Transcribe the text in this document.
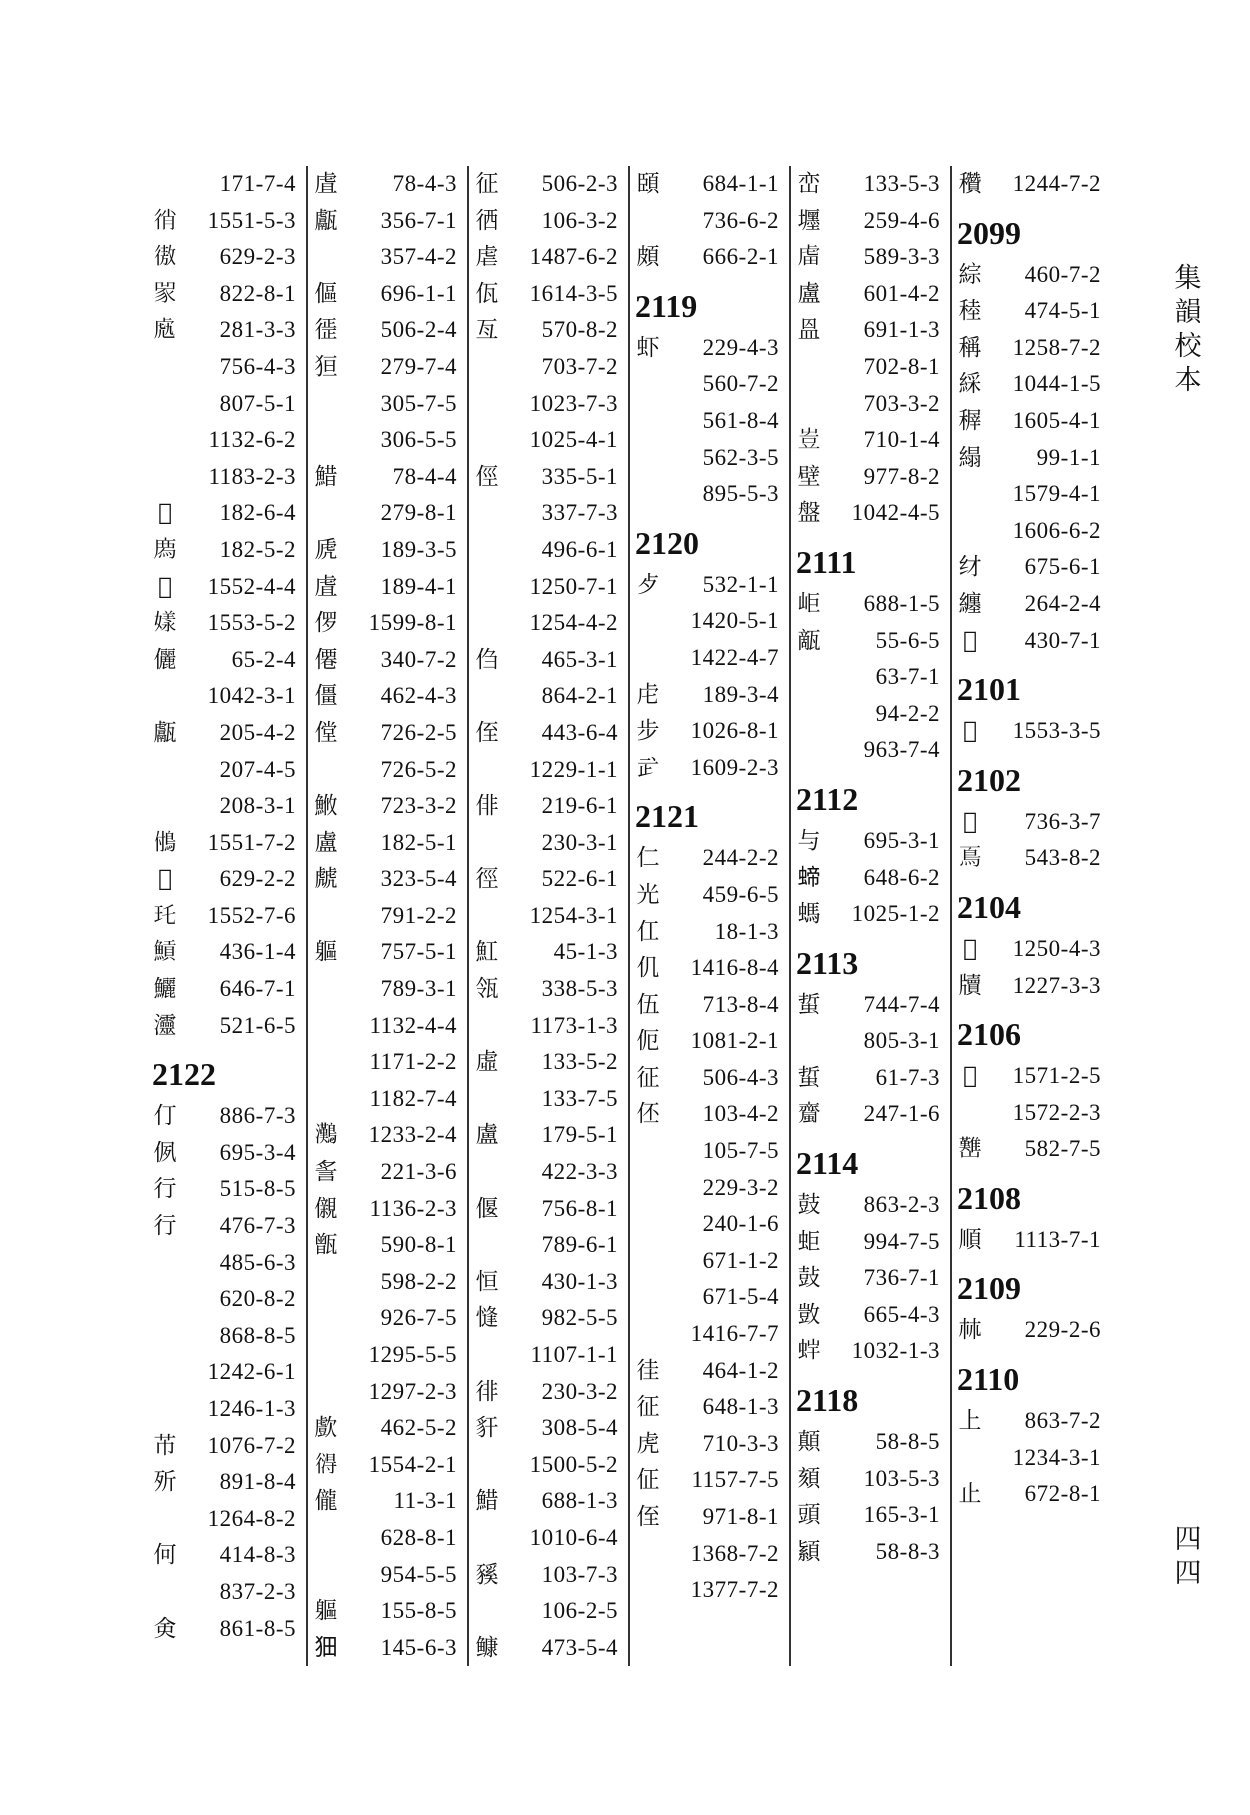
集
韻
校
本
171-7-4
𢓮 1551-5-3
𢕟 629-2-3
𧰽 822-8-1
𧆬 281-3-3
756-4-3
807-5-1
1132-6-2
1183-2-3
𧇡	182-6-4
𢊁 182-5-2
𠪳	1552-4-4
𡡂 1553-5-2
儷 65-2-4
1042-3-1
甗 205-4-2
207-4-5
208-3-1
𩿧 1551-7-2
𪈽	629-2-2
𤣯 1552-7-6
𩹸 436-1-4
鱺 646-7-1
𤅷 521-6-5
2122
仃 886-7-3
㑉 695-3-4
行 515-8-5
行 476-7-3
485-6-3
620-8-2
868-8-5
1242-6-1
1246-1-3
芇 1076-7-2
歽 891-8-4
1264-8-2
何 414-8-3
837-2-3
㑒 861-8-5
虘 78-4-3
甗 356-7-1
357-4-2
傴 696-1-1
徰 506-2-4
狟 279-7-4
305-7-5
306-5-5
䱜 78-4-4
279-8-1
虒 189-3-5
虘 189-4-1
㑩 1599-8-1
僊 340-7-2
僵 462-4-3
㑽 726-2-5
726-5-2
䱔 723-3-2
盧 182-5-1
虤 323-5-4
791-2-2
軀 757-5-1
789-3-1
1132-4-4
1171-2-2
1182-7-4
𤅩 1233-2-4
䚻 221-3-6
儭 1136-2-3
甑 590-8-1
598-2-2
926-7-5
1295-5-5
1297-2-3
㱆 462-5-2
𢕚 1554-2-1
儱 11-3-1
628-8-1
954-5-5
軀 155-8-5
𤝗 145-6-3
征 506-2-3
徆 106-3-2
虐 1487-6-2
佤 1614-3-5
亙 570-8-2
703-7-2
1023-7-3
1025-4-1
俓 335-5-1
337-7-3
496-6-1
1250-7-1
1254-4-2
㑇 465-3-1
864-2-1
侄 443-6-4
1229-1-1
俳 219-6-1
230-3-1
徑 522-6-1
1254-3-1
魟 45-1-3
瓴 338-5-3
1173-1-3
虛 133-5-2
133-7-5
盧 179-5-1
422-3-3
偃 756-8-1
789-6-1
恒 430-1-3
㦀 982-5-5
1107-1-1
徘 230-3-2
豻 308-5-4
1500-5-2
䱜 688-1-3
1010-6-4
豯 103-7-3
106-2-5
𩾌 473-5-4
頣 684-1-1
736-6-2
頗 666-2-1
2119
虾 229-4-3
560-7-2
561-8-4
562-3-5
895-5-3
2120
歺 532-1-1
1420-5-1
1422-4-7
虍 189-3-4
步 1026-8-1
㱐 1609-2-3
2121
仁 244-2-2
光 459-6-5
仜 18-1-3
仉 1416-8-4
伍 713-8-4
伌 1081-2-1
征 506-4-3
伾 103-4-2
105-7-5
229-3-2
240-1-6
671-1-2
671-5-4
1416-7-7
徍 464-1-2
征 648-1-3
虎 710-3-3
佂 1157-7-5
侄 971-8-1
1368-7-2
1377-7-2
峦 133-5-3
壥 259-4-6
𧆨 589-3-3
盧 601-4-2
𥁕 691-1-3
702-8-1
703-3-2
𧯛 710-1-4
壁 977-8-2
盤 1042-4-5
2111
岠 688-1-5
甋 55-6-5
63-7-1
94-2-2
963-7-4
2112
与 695-3-1
𧍝 648-6-2
螞 1025-1-2
2113
蜇 744-7-4
805-3-1
蜇 61-7-3
𧓉 247-1-6
2114
鼓 863-2-3
蚷 994-7-5
鼔 736-7-1
敳 665-4-3
𧊩 1032-1-3
2118
顛 58-8-5
頦 103-5-3
頭 165-3-1
顈 58-8-3
穳 1244-7-2
2099
綜 460-7-2
稑 474-5-1
稱 1258-7-2
綵 1044-1-5
稺 1605-4-1
䌈 99-1-1
1579-4-1
1606-6-2
䌶 675-6-1
纏 264-2-4
𦈟	430-7-1
2101
𤗒	1553-3-5
2102
𩾊	736-3-7
𩾏 543-8-2
2104
𤖥	1250-4-3
牘 1227-3-3
2106
𤗝	1571-2-5
1572-2-3
𡿊 582-7-5
2108
順 1113-7-1
2109
𣏟 229-2-6
2110
上 863-7-2
1234-3-1
止 672-8-1
四
四
